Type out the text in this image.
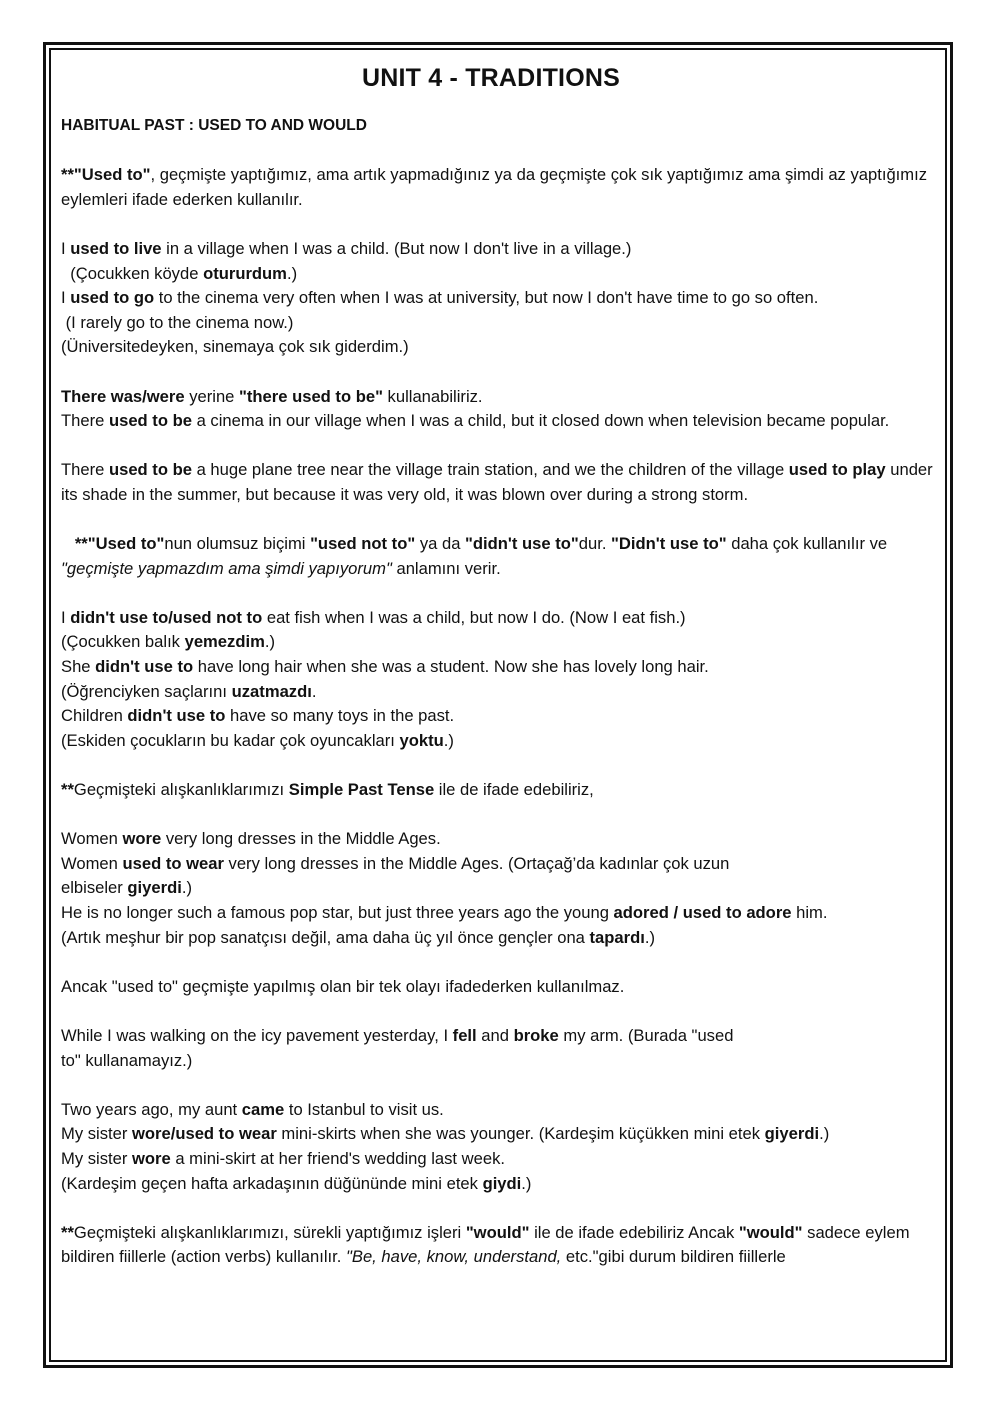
UNIT 4 - TRADITIONS
HABITUAL PAST : USED TO AND WOULD

**"Used to", geçmişte yaptığımız, ama artık yapmadığınız ya da geçmişte çok sık yaptığımız ama şimdi az yaptığımız eylemleri ifade ederken kullanılır.

I used to live in a village when I was a child. (But now I don't live in a village.)

(Çocukken köyde otururdum.)

I used to go to the cinema very often when I was at university, but now I don't have time to go so often.

(I rarely go to the cinema now.)

(Üniversitedeyken, sinemaya çok sık giderdim.)

There was/were yerine "there used to be" kullanabiliriz.

There used to be a cinema in our village when I was a child, but it closed down when television became popular.

There used to be a huge plane tree near the village train station, and we the children of the village used to play under its shade in the summer, but because it was very old, it was blown over during a strong storm.

**"Used to"nun olumsuz biçimi "used not to" ya da "didn't use to"dur. "Didn't use to" daha çok kullanılır ve "geçmişte yapmazdım ama şimdi yapıyorum" anlamını verir.

I didn't use to/used not to eat fish when I was a child, but now I do. (Now I eat fish.)

(Çocukken balık yemezdim.)

She didn't use to have long hair when she was a student. Now she has lovely long hair.

(Öğrenciyken saçlarını uzatmazdı.

Children didn't use to have so many toys in the past.

(Eskiden çocukların bu kadar çok oyuncakları yoktu.)

**Geçmişteki alışkanlıklarımızı Simple Past Tense ile de ifade edebiliriz,

Women wore very long dresses in the Middle Ages.

Women used to wear very long dresses in the Middle Ages. (Ortaçağ’da kadınlar çok uzun

elbiseler giyerdi.)

He is no longer such a famous pop star, but just three years ago the young adored / used to adore him.

(Artık meşhur bir pop sanatçısı değil, ama daha üç yıl önce gençler ona tapardı.)

Ancak "used to" geçmişte yapılmış olan bir tek olayı ifadederken kullanılmaz.

While I was walking on the icy pavement yesterday, I fell and broke my arm. (Burada "used

to" kullanamayız.)

Two years ago, my aunt came to Istanbul to visit us.

My sister wore/used to wear mini-skirts when she was younger. (Kardeşim küçükken mini etek giyerdi.)

My sister wore a mini-skirt at her friend's wedding last week.

(Kardeşim geçen hafta arkadaşının düğününde mini etek giydi.)

**Geçmişteki alışkanlıklarımızı, sürekli yaptığımız işleri "would" ile de ifade edebiliriz Ancak "would" sadece eylem bildiren fiillerle (action verbs) kullanılır. "Be, have, know, understand, etc."gibi durum bildiren fiillerle
